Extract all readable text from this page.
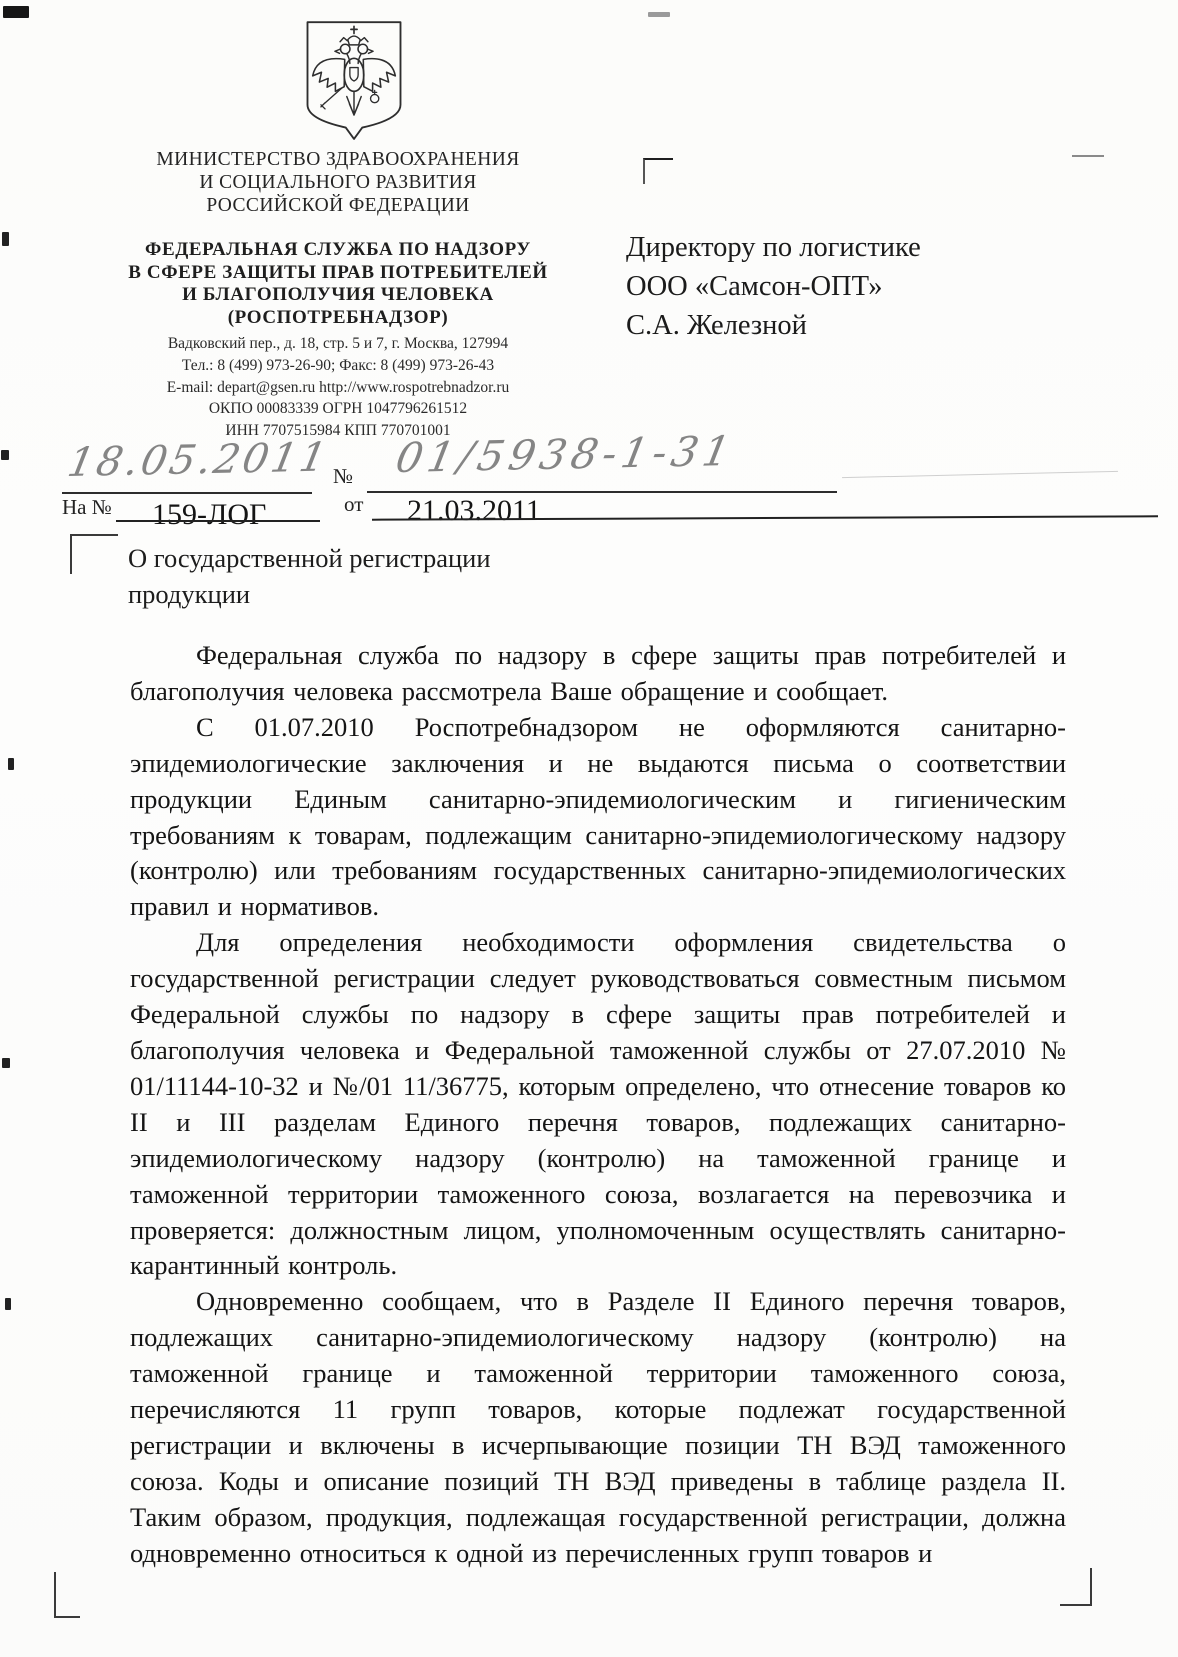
МИНИСТЕРСТВО ЗДРАВООХРАНЕНИЯ
И СОЦИАЛЬНОГО РАЗВИТИЯ
РОССИЙСКОЙ ФЕДЕРАЦИИ
ФЕДЕРАЛЬНАЯ СЛУЖБА ПО НАДЗОРУ
В СФЕРЕ ЗАЩИТЫ ПРАВ ПОТРЕБИТЕЛЕЙ
И БЛАГОПОЛУЧИЯ ЧЕЛОВЕКА
(РОСПОТРЕБНАДЗОР)
Вадковский пер., д. 18, стр. 5 и 7, г. Москва, 127994
Тел.: 8 (499) 973-26-90; Факс: 8 (499) 973-26-43
E-mail: depart@gsen.ru http://www.rospotrebnadzor.ru
ОКПО 00083339 ОГРН 1047796261512
ИНН 7707515984 КПП 770701001
18.05.2011 № 01/5938-1-31
На № 159-ЛОГ	от 21.03.2011
Директору по логистике
ООО «Самсон-ОПТ»
С.А. Железной
О государственной регистрации
продукции

Федеральная служба по надзору в сфере защиты прав потребителей и благополучия человека рассмотрела Ваше обращение и сообщает.

С 01.07.2010 Роспотребнадзором не оформляются санитарно-эпидемиологические заключения и не выдаются письма о соответствии продукции Единым санитарно-эпидемиологическим и гигиеническим требованиям к товарам, подлежащим санитарно-эпидемиологическому надзору (контролю) или требованиям государственных санитарно-эпидемиологических правил и нормативов.

Для определения необходимости оформления свидетельства о государственной регистрации следует руководствоваться совместным письмом Федеральной службы по надзору в сфере защиты прав потребителей и благополучия человека и Федеральной таможенной службы от 27.07.2010 № 01/11144-10-32 и №/01 11/36775, которым определено, что отнесение товаров ко II и III разделам Единого перечня товаров, подлежащих санитарно-эпидемиологическому надзору (контролю) на таможенной границе и таможенной территории таможенного союза, возлагается на перевозчика и проверяется: должностным лицом, уполномоченным осуществлять санитарно-карантинный контроль.

Одновременно сообщаем, что в Разделе II Единого перечня товаров, подлежащих санитарно-эпидемиологическому надзору (контролю) на таможенной границе и таможенной территории таможенного союза, перечисляются 11 групп товаров, которые подлежат государственной регистрации и включены в исчерпывающие позиции ТН ВЭД таможенного союза. Коды и описание позиций ТН ВЭД приведены в таблице раздела II. Таким образом, продукция, подлежащая государственной регистрации, должна одновременно относиться к одной из перечисленных групп товаров и
